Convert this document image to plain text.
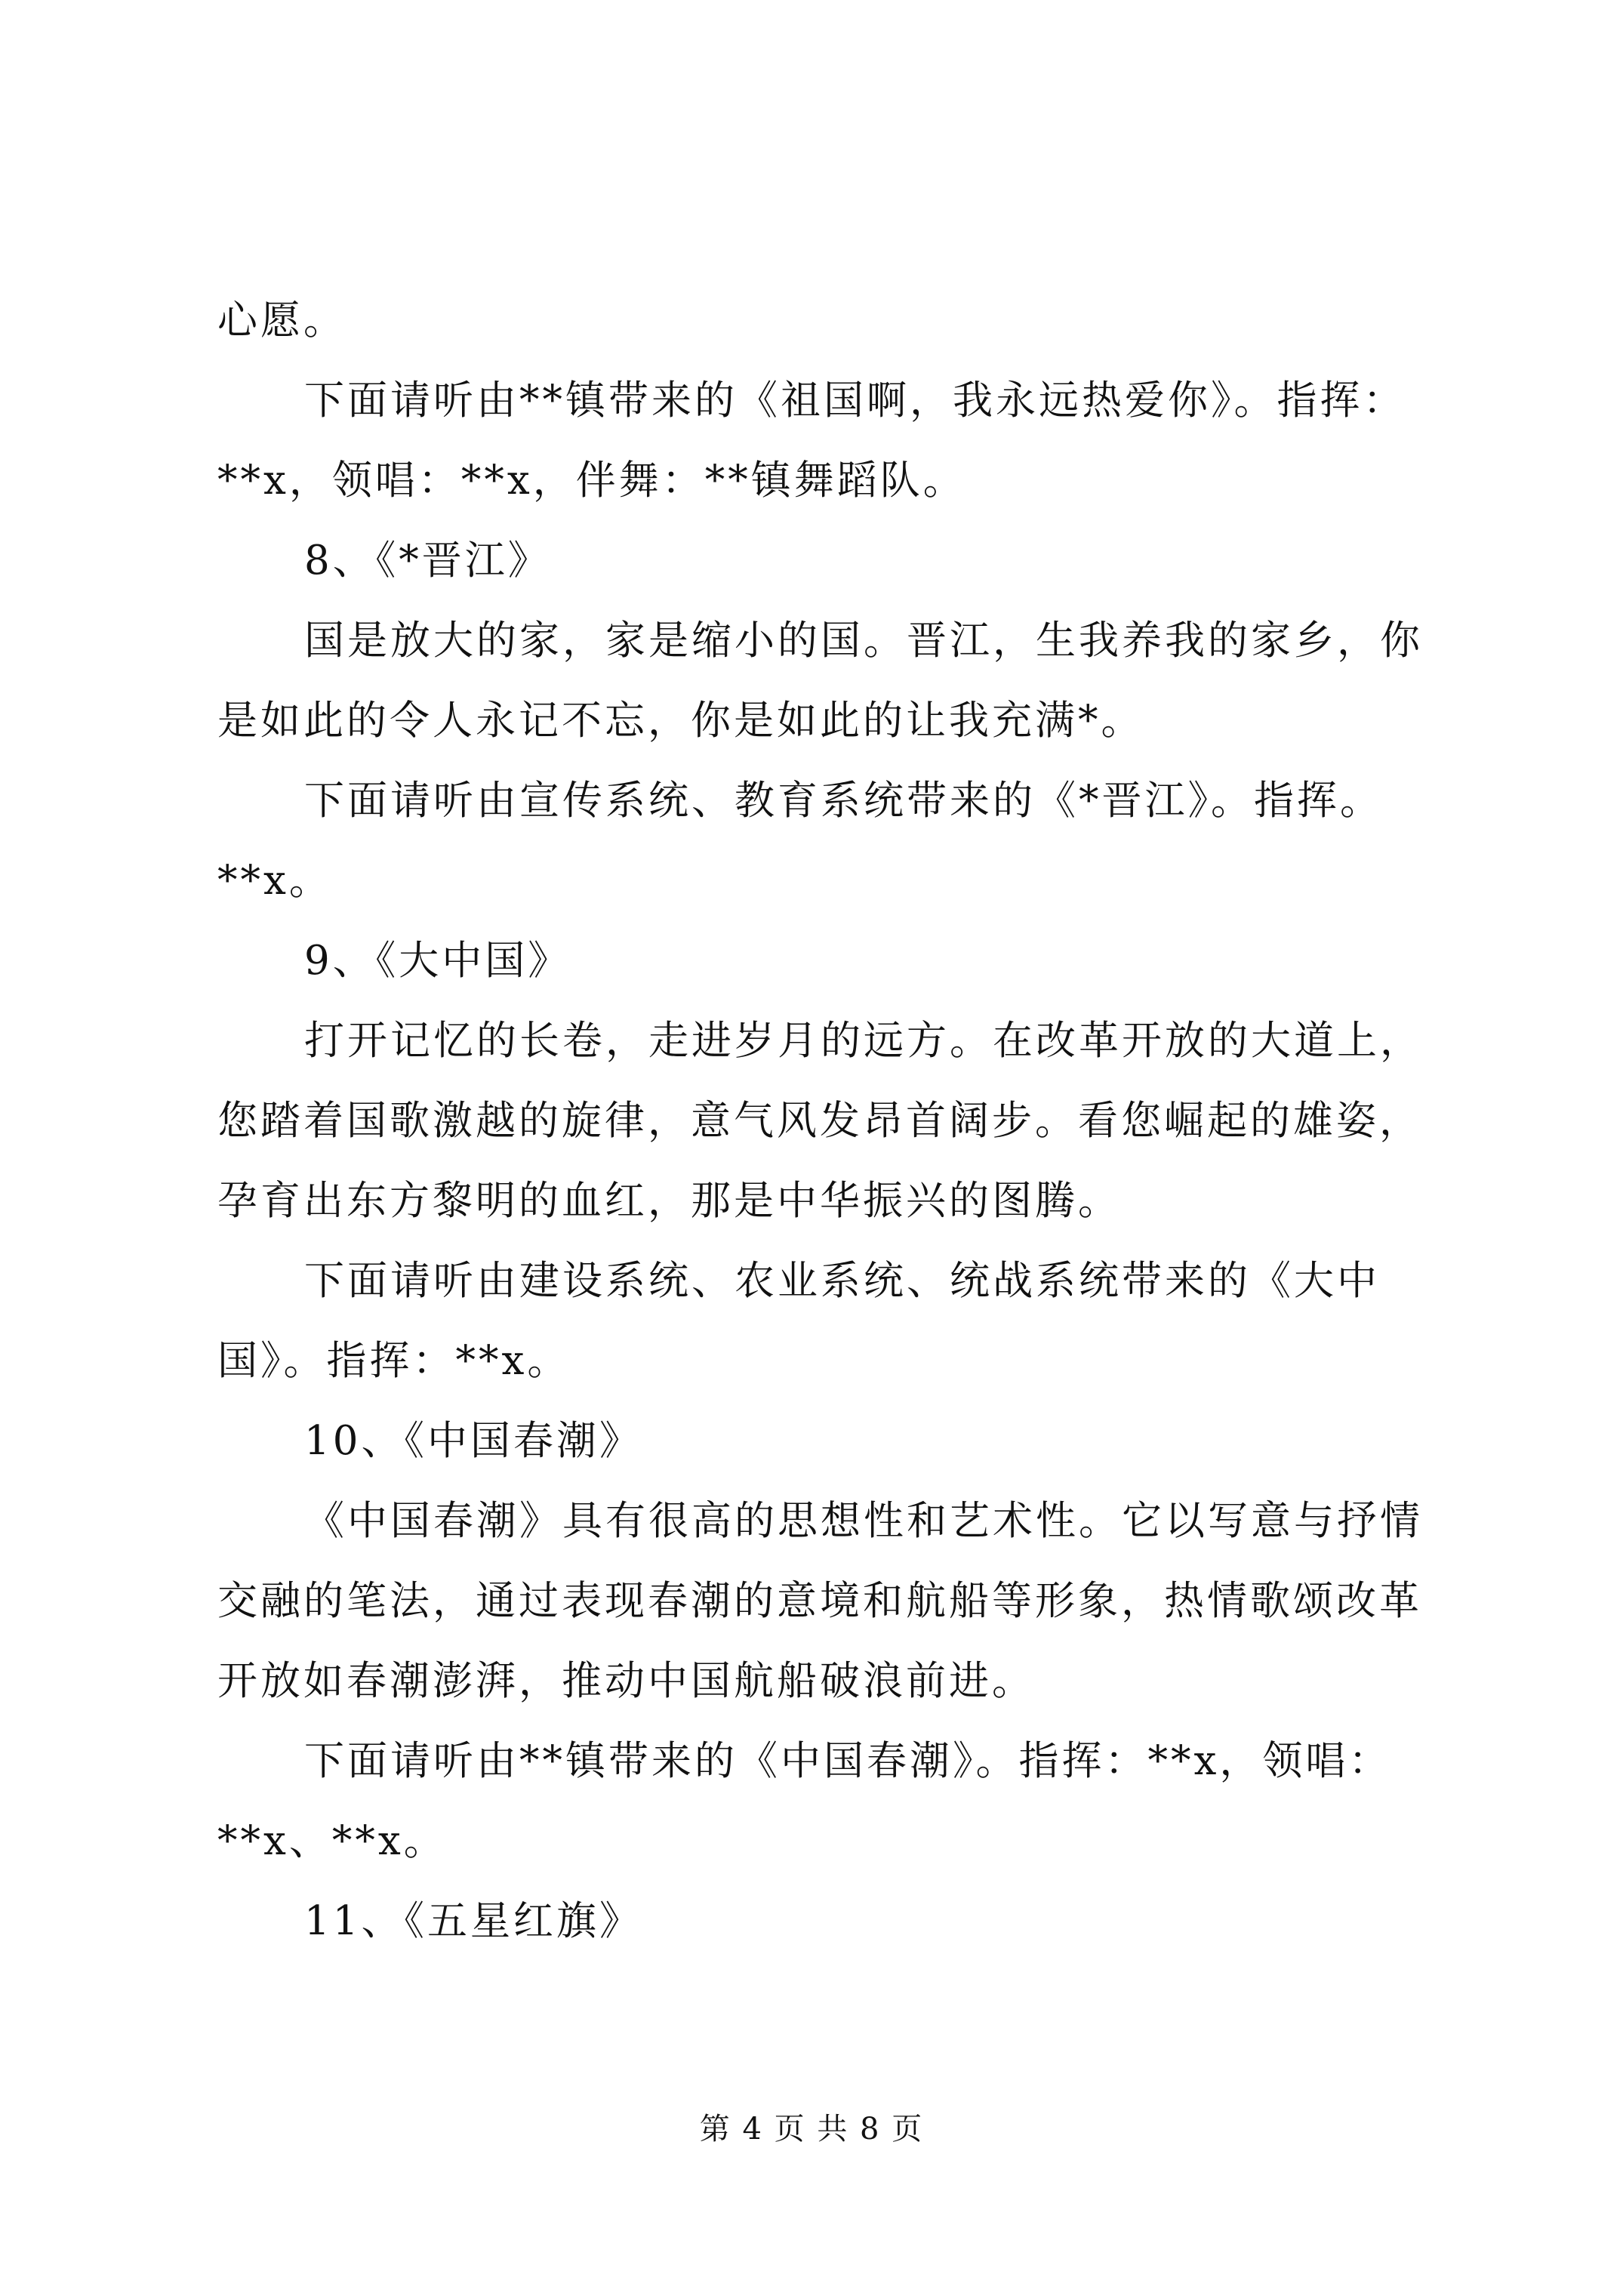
心愿。
下面请听由**镇带来的《祖国啊，我永远热爱你》。指挥：
**x，领唱：**x，伴舞：**镇舞蹈队。
8、《*晋江》
国是放大的家，家是缩小的国。晋江，生我养我的家乡，你
是如此的令人永记不忘，你是如此的让我充满*。
下面请听由宣传系统、教育系统带来的《*晋江》。指挥。
**x。
9、《大中国》
打开记忆的长卷，走进岁月的远方。在改革开放的大道上，
您踏着国歌激越的旋律，意气风发昂首阔步。看您崛起的雄姿，
孕育出东方黎明的血红，那是中华振兴的图腾。
下面请听由建设系统、农业系统、统战系统带来的《大中
国》。指挥：**x。
10、《中国春潮》
《中国春潮》具有很高的思想性和艺术性。它以写意与抒情
交融的笔法，通过表现春潮的意境和航船等形象，热情歌颂改革
开放如春潮澎湃，推动中国航船破浪前进。
下面请听由**镇带来的《中国春潮》。指挥：**x，领唱：
**x、**x。
11、《五星红旗》
第 4 页 共 8 页
